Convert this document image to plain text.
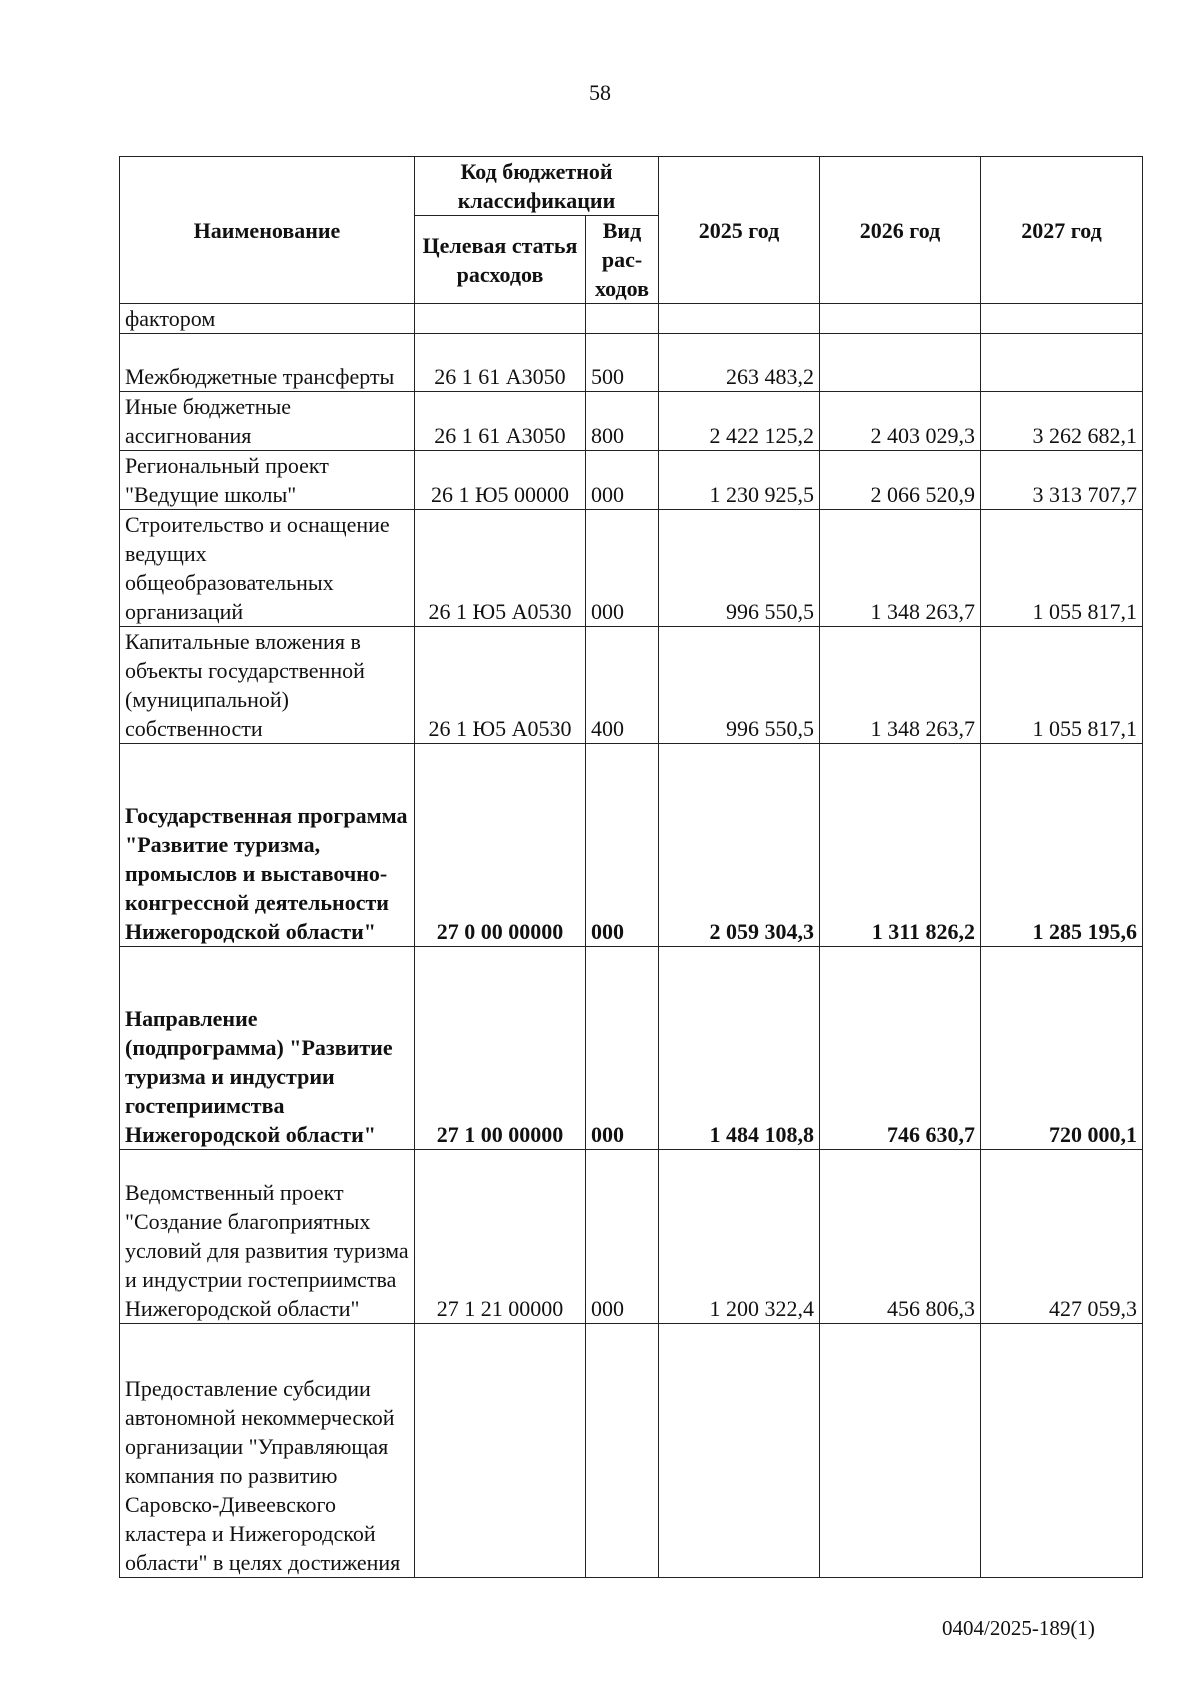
58
Наименование	Код бюджетной классификации		2025 год	2026 год	2027 год
	Целевая статья расходов	Вид рас-ходов			
фактором					
Межбюджетные трансферты	26 1 61 А3050	500	263 483,2		
Иные бюджетные ассигнования	26 1 61 А3050	800	2 422 125,2	2 403 029,3	3 262 682,1
Региональный проект "Ведущие школы"	26 1 Ю5 00000	000	1 230 925,5	2 066 520,9	3 313 707,7
Строительство и оснащение ведущих общеобразовательных организаций	26 1 Ю5 А0530	000	996 550,5	1 348 263,7	1 055 817,1
Капитальные вложения в объекты государственной (муниципальной) собственности	26 1 Ю5 А0530	400	996 550,5	1 348 263,7	1 055 817,1
Государственная программа "Развитие туризма, промыслов и выставочно-конгрессной деятельности Нижегородской области"	27 0 00 00000	000	2 059 304,3	1 311 826,2	1 285 195,6
Направление (подпрограмма) "Развитие туризма и индустрии гостеприимства Нижегородской области"	27 1 00 00000	000	1 484 108,8	746 630,7	720 000,1
Ведомственный проект "Создание благоприятных условий для развития туризма и индустрии гостеприимства Нижегородской области"	27 1 21 00000	000	1 200 322,4	456 806,3	427 059,3
Предоставление субсидии автономной некоммерческой организации "Управляющая компания по развитию Саровско-Дивеевского кластера и Нижегородской области" в целях достижения					
0404/2025-189(1)
